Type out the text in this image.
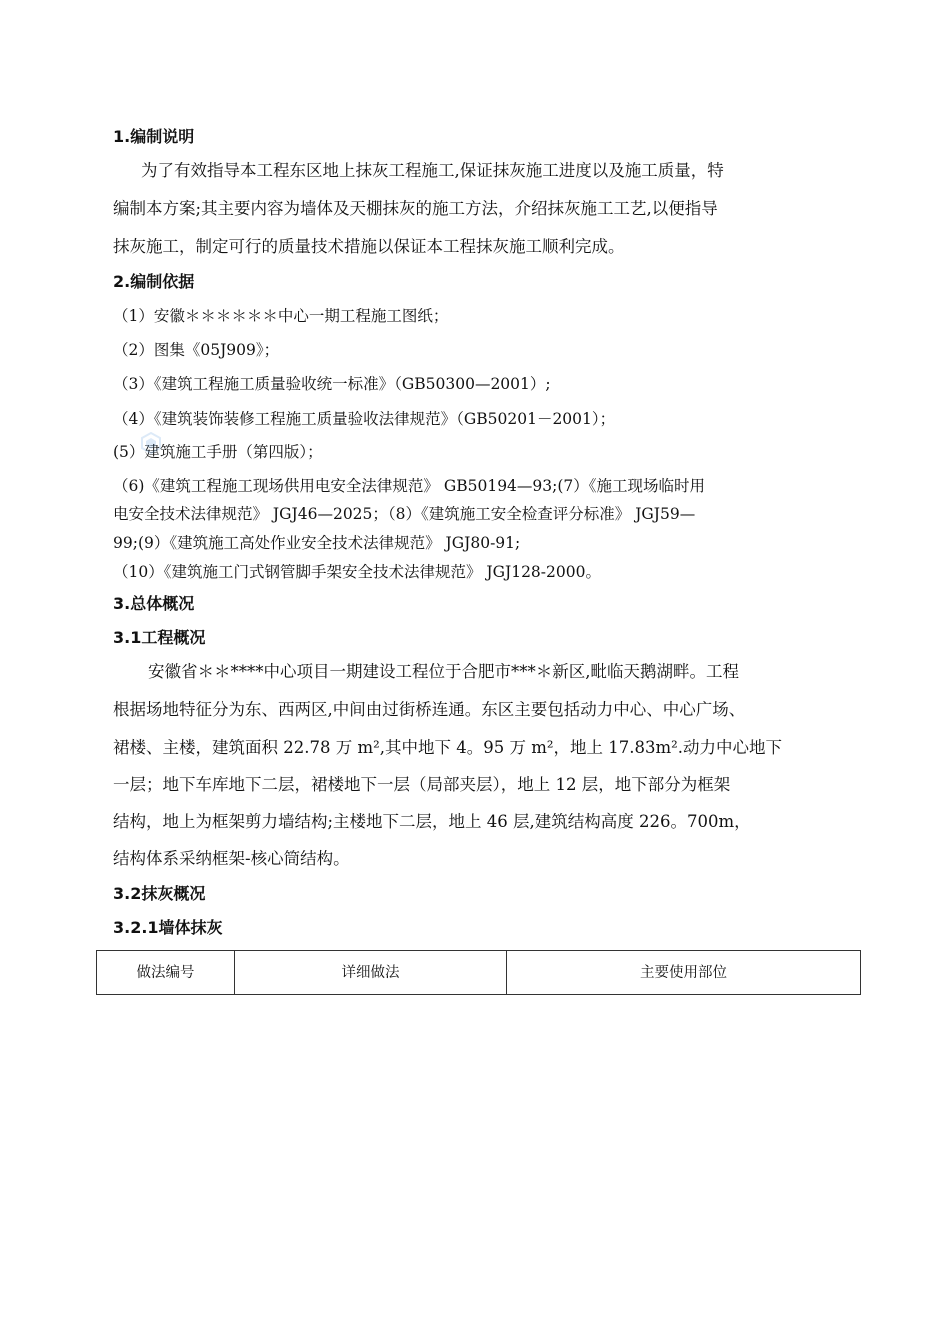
1.编制说明
为了有效指导本工程东区地上抹灰工程施工,保证抹灰施工进度以及施工质量，特
编制本方案;其主要内容为墙体及天棚抹灰的施工方法，介绍抹灰施工工艺,以便指导
抹灰施工，制定可行的质量技术措施以保证本工程抹灰施工顺利完成。
2.编制依据
（1）安徽＊＊＊＊＊＊中心一期工程施工图纸；
（2）图集《05J909》；
（3）《建筑工程施工质量验收统一标准》（GB50300—2001）;
（4）《建筑装饰装修工程施工质量验收法律规范》（GB50201－2001）；
(5）建筑施工手册（第四版）；
（6)《建筑工程施工现场供用电安全法律规范》 GB50194—93;(7）《施工现场临时用
电安全技术法律规范》 JGJ46—2025；（8）《建筑施工安全检查评分标准》 JGJ59—
99;(9）《建筑施工高处作业安全技术法律规范》 JGJ80-91;
（10）《建筑施工门式钢管脚手架安全技术法律规范》 JGJ128-2000。
3.总体概况
3.1工程概况
安徽省＊＊****中心项目一期建设工程位于合肥市***＊新区,毗临天鹅湖畔。工程
根据场地特征分为东、西两区,中间由过街桥连通。东区主要包括动力中心、中心广场、
裙楼、主楼，建筑面积 22.78 万 m²,其中地下 4。95 万 m²，地上 17.83m².动力中心地下
一层；地下车库地下二层，裙楼地下一层（局部夹层），地上 12 层，地下部分为框架
结构，地上为框架剪力墙结构;主楼地下二层，地上 46 层,建筑结构高度 226。700m，
结构体系采纳框架-核心筒结构。
3.2抹灰概况
3.2.1墙体抹灰
做法编号	详细做法	主要使用部位
